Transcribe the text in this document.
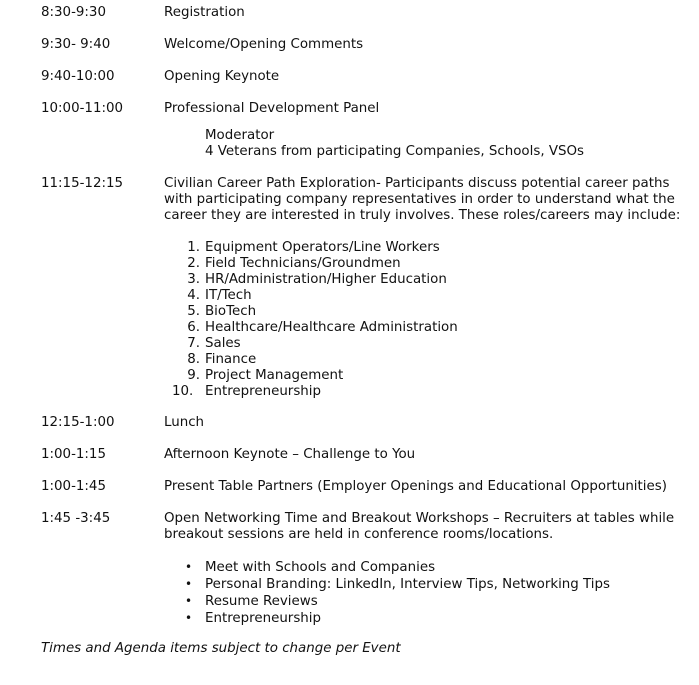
8:30-9:30	Registration

9:30- 9:40	Welcome/Opening Comments

9:40-10:00	Opening Keynote

10:00-11:00	Professional Development Panel

Moderator
4 Veterans from participating Companies, Schools, VSOs
11:15-12:15	Civilian Career Path Exploration- Participants discuss potential career paths with participating company representatives in order to understand what the career they are interested in truly involves. These roles/careers may include:

1. Equipment Operators/Line Workers
2. Field Technicians/Groundmen
3. HR/Administration/Higher Education
4. IT/Tech
5. BioTech
6. Healthcare/Healthcare Administration
7. Sales
8. Finance
9. Project Management
10. Entrepreneurship
12:15-1:00	Lunch

1:00-1:15	Afternoon Keynote – Challenge to You

1:00-1:45	Present Table Partners (Employer Openings and Educational Opportunities)

1:45 -3:45	Open Networking Time and Breakout Workshops – Recruiters at tables while breakout sessions are held in conference rooms/locations.

• Meet with Schools and Companies
• Personal Branding: LinkedIn, Interview Tips, Networking Tips
• Resume Reviews
• Entrepreneurship
Times and Agenda items subject to change per Event
